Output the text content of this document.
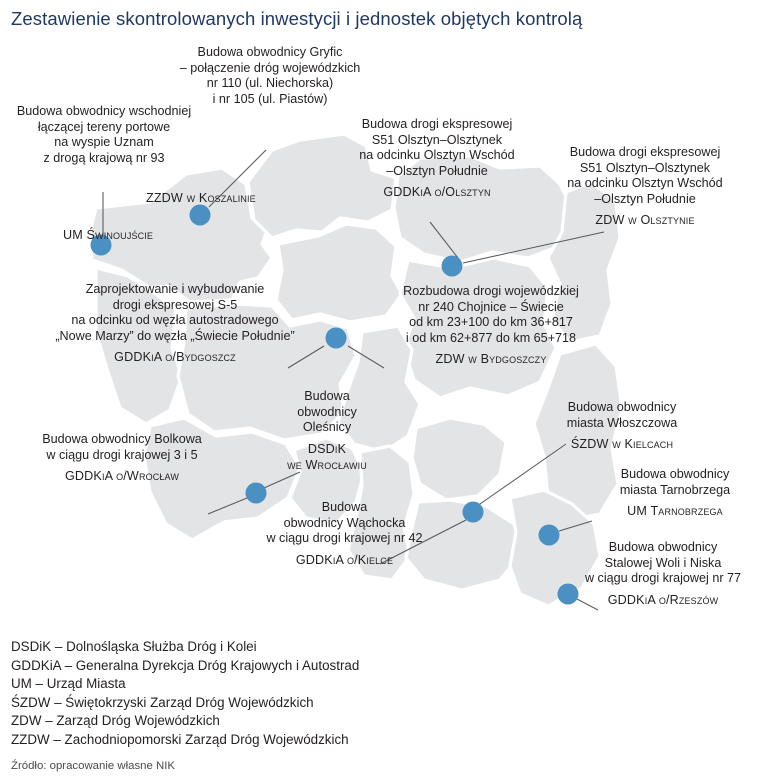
Zestawienie skontrolowanych inwestycji i jednostek objętych kontrolą
Budowa obwodnicy Gryfic
– połączenie dróg wojewódzkich
nr 110 (ul. Niechorska)
i nr 105 (ul. Piastów)
Budowa obwodnicy wschodniej
łączącej tereny portowe
na wyspie Uznam
z drogą krajową nr 93
ZZDW w Koszalinie
UM Świnoujście
Budowa drogi ekspresowej
S51 Olsztyn–Olsztynek
na odcinku Olsztyn Wschód
–Olsztyn Południe
GDDKiA o/Olsztyn
Budowa drogi ekspresowej
S51 Olsztyn–Olsztynek
na odcinku Olsztyn Wschód
–Olsztyn Południe
ZDW w Olsztynie
Zaprojektowanie i wybudowanie
drogi ekspresowej S-5
na odcinku od węzła autostradowego
„Nowe Marzy” do węzła „Świecie Południe”
GDDKiA o/Bydgoszcz
Rozbudowa drogi wojewódzkiej
nr 240 Chojnice – Świecie
od km 23+100 do km 36+817
i od km 62+877 do km 65+718
ZDW w Bydgoszczy
Budowa
obwodnicy
Oleśnicy
DSDiK
we Wrocławiu
Budowa obwodnicy Bolkowa
w ciągu drogi krajowej 3 i 5
GDDKiA o/Wrocław
Budowa
obwodnicy Wąchocka
w ciągu drogi krajowej nr 42
GDDKiA o/Kielce
Budowa obwodnicy
miasta Włoszczowa
ŚZDW w Kielcach
Budowa obwodnicy
miasta Tarnobrzega
UM Tarnobrzega
Budowa obwodnicy
Stalowej Woli i Niska
w ciągu drogi krajowej nr 77
GDDKiA o/Rzeszów
DSDiK – Dolnośląska Służba Dróg i Kolei
GDDKiA – Generalna Dyrekcja Dróg Krajowych i Autostrad
UM – Urząd Miasta
ŚZDW – Świętokrzyski Zarząd Dróg Wojewódzkich
ZDW – Zarząd Dróg Wojewódzkich
ZZDW – Zachodniopomorski Zarząd Dróg Wojewódzkich
Źródło: opracowanie własne NIK
